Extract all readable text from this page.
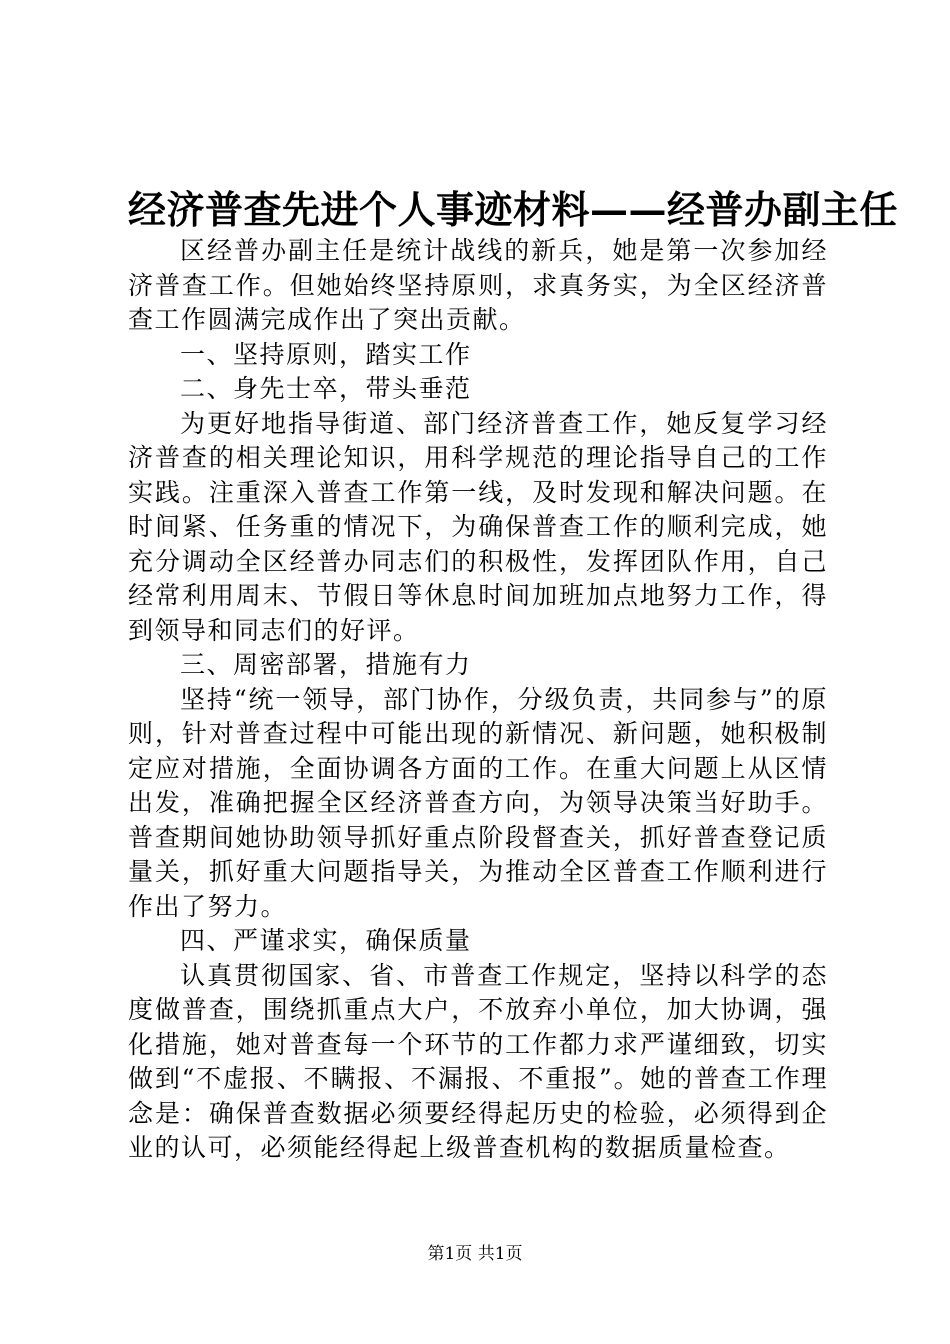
经济普查先进个人事迹材料——经普办副主任

区经普办副主任是统计战线的新兵，她是第一次参加经济普查工作。但她始终坚持原则，求真务实，为全区经济普查工作圆满完成作出了突出贡献。

一、坚持原则，踏实工作

二、身先士卒，带头垂范

为更好地指导街道、部门经济普查工作，她反复学习经济普查的相关理论知识，用科学规范的理论指导自己的工作实践。注重深入普查工作第一线，及时发现和解决问题。在时间紧、任务重的情况下，为确保普查工作的顺利完成，她充分调动全区经普办同志们的积极性，发挥团队作用，自己经常利用周末、节假日等休息时间加班加点地努力工作，得到领导和同志们的好评。

三、周密部署，措施有力

坚持“统一领导，部门协作，分级负责，共同参与”的原则，针对普查过程中可能出现的新情况、新问题，她积极制定应对措施，全面协调各方面的工作。在重大问题上从区情出发，准确把握全区经济普查方向，为领导决策当好助手。普查期间她协助领导抓好重点阶段督查关，抓好普查登记质量关，抓好重大问题指导关，为推动全区普查工作顺利进行作出了努力。

四、严谨求实，确保质量

认真贯彻国家、省、市普查工作规定，坚持以科学的态度做普查，围绕抓重点大户，不放弃小单位，加大协调，强化措施，她对普查每一个环节的工作都力求严谨细致，切实做到“不虚报、不瞒报、不漏报、不重报”。她的普查工作理念是：确保普查数据必须要经得起历史的检验，必须得到企业的认可，必须能经得起上级普查机构的数据质量检查。

第1页 共1页
